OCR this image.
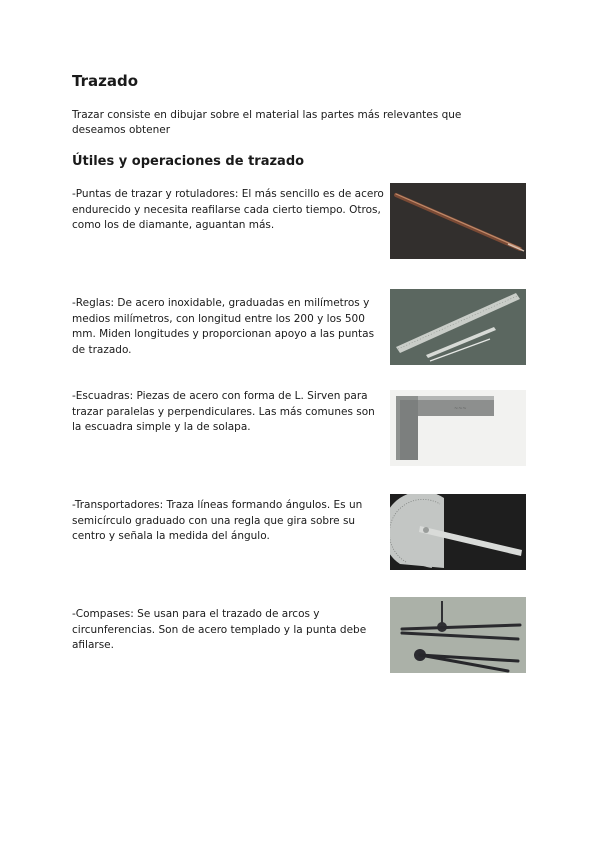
Trazado

Trazar consiste en dibujar sobre el material las partes más relevantes que deseamos obtener

Útiles y operaciones de trazado

-Puntas de trazar y rotuladores: El más sencillo es de acero endurecido y necesita reafilarse cada cierto tiempo. Otros, como los de diamante, aguantan más.

-Reglas: De acero inoxidable, graduadas en milímetros y medios milímetros, con longitud entre los 200 y los 500 mm. Miden longitudes y proporcionan apoyo a las puntas de trazado.

-Escuadras: Piezas de acero con forma de L. Sirven para trazar paralelas y perpendiculares. Las más comunes son la escuadra simple y la de solapa.

~~~

-Transportadores: Traza líneas formando ángulos. Es un semicírculo graduado con una regla que gira sobre su centro y señala la medida del ángulo.

-Compases: Se usan para el trazado de arcos y circunferencias. Son de acero templado y la punta debe afilarse.
